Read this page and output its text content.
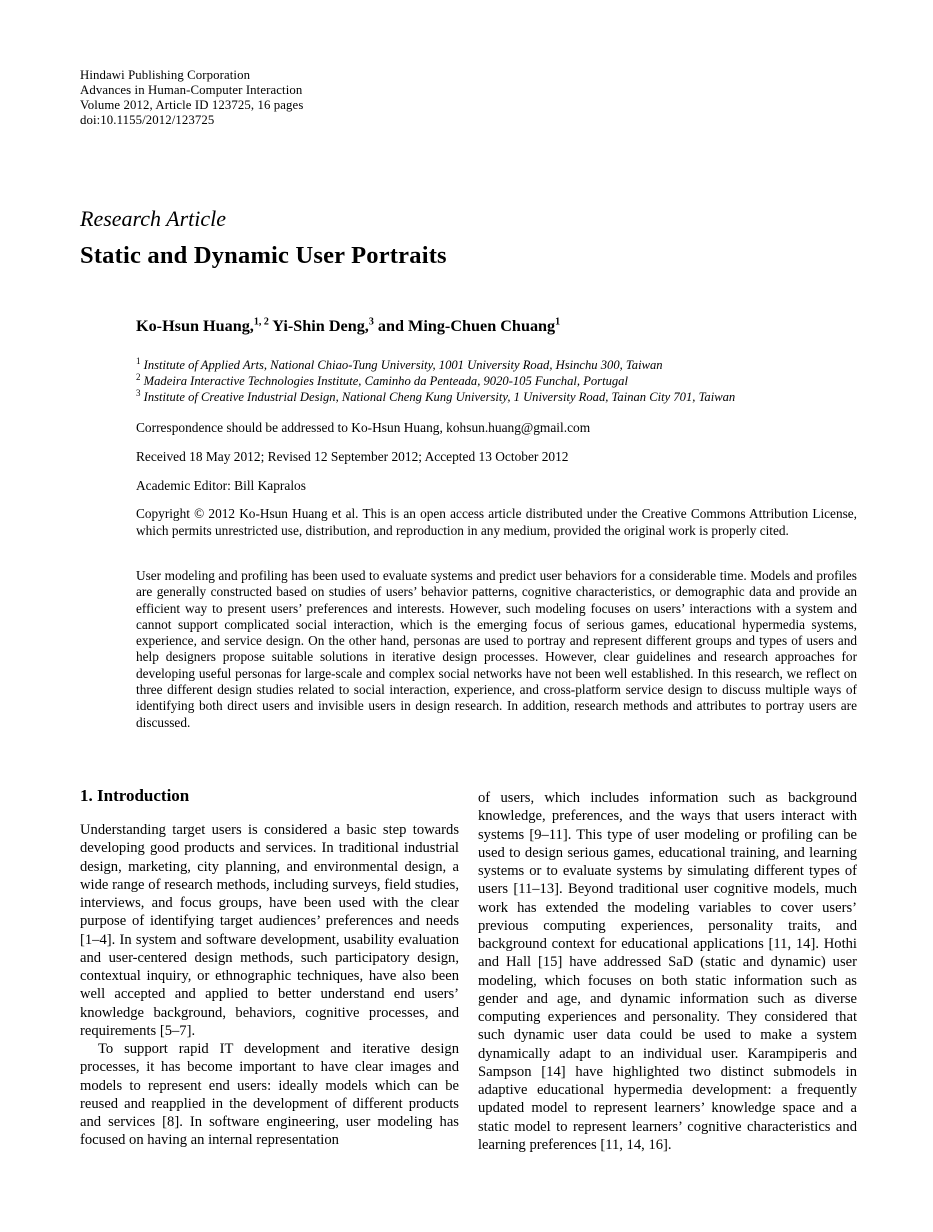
Hindawi Publishing Corporation
Advances in Human-Computer Interaction
Volume 2012, Article ID 123725, 16 pages
doi:10.1155/2012/123725
Research Article
Static and Dynamic User Portraits
Ko-Hsun Huang,$^{1, 2}$ Yi-Shin Deng,$^3$ and Ming-Chuen Chuang$^1$
$^1$ Institute of Applied Arts, National Chiao-Tung University, 1001 University Road, Hsinchu 300, Taiwan
$^2$ Madeira Interactive Technologies Institute, Caminho da Penteada, 9020-105 Funchal, Portugal
$^3$ Institute of Creative Industrial Design, National Cheng Kung University, 1 University Road, Tainan City 701, Taiwan
Correspondence should be addressed to Ko-Hsun Huang, kohsun.huang@gmail.com
Received 18 May 2012; Revised 12 September 2012; Accepted 13 October 2012
Academic Editor: Bill Kapralos
Copyright © 2012 Ko-Hsun Huang et al. This is an open access article distributed under the Creative Commons Attribution License, which permits unrestricted use, distribution, and reproduction in any medium, provided the original work is properly cited.
User modeling and profiling has been used to evaluate systems and predict user behaviors for a considerable time. Models and profiles are generally constructed based on studies of users’ behavior patterns, cognitive characteristics, or demographic data and provide an efficient way to present users’ preferences and interests. However, such modeling focuses on users’ interactions with a system and cannot support complicated social interaction, which is the emerging focus of serious games, educational hypermedia systems, experience, and service design. On the other hand, personas are used to portray and represent different groups and types of users and help designers propose suitable solutions in iterative design processes. However, clear guidelines and research approaches for developing useful personas for large-scale and complex social networks have not been well established. In this research, we reflect on three different design studies related to social interaction, experience, and cross-platform service design to discuss multiple ways of identifying both direct users and invisible users in design research. In addition, research methods and attributes to portray users are discussed.
1. Introduction

Understanding target users is considered a basic step towards developing good products and services. In traditional industrial design, marketing, city planning, and environmental design, a wide range of research methods, including surveys, field studies, interviews, and focus groups, have been used with the clear purpose of identifying target audiences’ preferences and needs [1–4]. In system and software development, usability evaluation and user-centered design methods, such participatory design, contextual inquiry, or ethnographic techniques, have also been well accepted and applied to better understand end users’ knowledge background, behaviors, cognitive processes, and requirements [5–7].

To support rapid IT development and iterative design processes, it has become important to have clear images and models to represent end users: ideally models which can be reused and reapplied in the development of different products and services [8]. In software engineering, user modeling has focused on having an internal representation

of users, which includes information such as background knowledge, preferences, and the ways that users interact with systems [9–11]. This type of user modeling or profiling can be used to design serious games, educational training, and learning systems or to evaluate systems by simulating different types of users [11–13]. Beyond traditional user cognitive models, much work has extended the modeling variables to cover users’ previous computing experiences, personality traits, and background context for educational applications [11, 14]. Hothi and Hall [15] have addressed SaD (static and dynamic) user modeling, which focuses on both static information such as gender and age, and dynamic information such as diverse computing experiences and personality. They considered that such dynamic user data could be used to make a system dynamically adapt to an individual user. Karampiperis and Sampson [14] have highlighted two distinct submodels in adaptive educational hypermedia development: a frequently updated model to represent learners’ knowledge space and a static model to represent learners’ cognitive characteristics and learning preferences [11, 14, 16].
